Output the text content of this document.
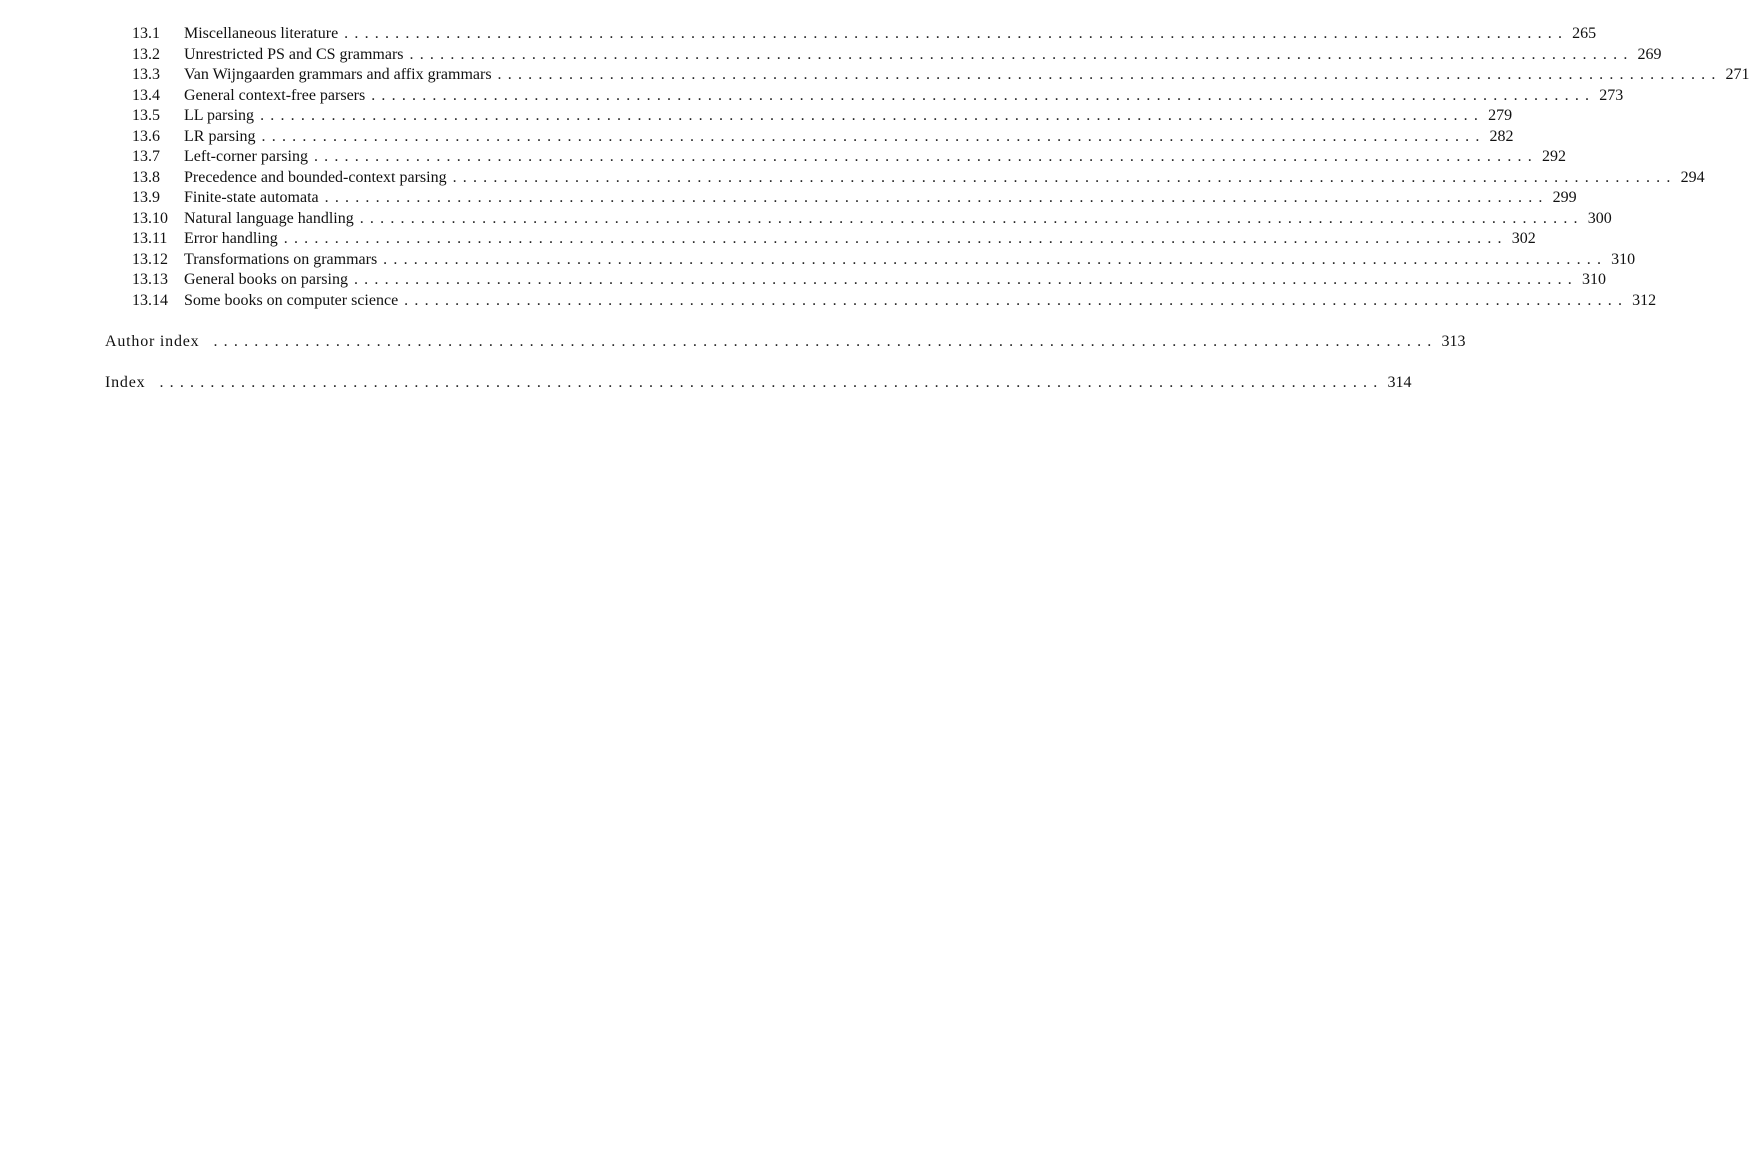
13.1 Miscellaneous literature ........................................................................................................................ 265
13.2 Unrestricted PS and CS grammars ........................................................................................................................ 269
13.3 Van Wijngaarden grammars and affix grammars ........................................................................................................................ 271
13.4 General context-free parsers ........................................................................................................................ 273
13.5 LL parsing ........................................................................................................................ 279
13.6 LR parsing ........................................................................................................................ 282
13.7 Left-corner parsing ........................................................................................................................ 292
13.8 Precedence and bounded-context parsing ........................................................................................................................ 294
13.9 Finite-state automata ........................................................................................................................ 299
13.10 Natural language handling ........................................................................................................................ 300
13.11 Error handling ........................................................................................................................ 302
13.12 Transformations on grammars ........................................................................................................................ 310
13.13 General books on parsing ........................................................................................................................ 310
13.14 Some books on computer science ........................................................................................................................ 312
Author index ........................................................................................................................ 313
Index ........................................................................................................................ 314
